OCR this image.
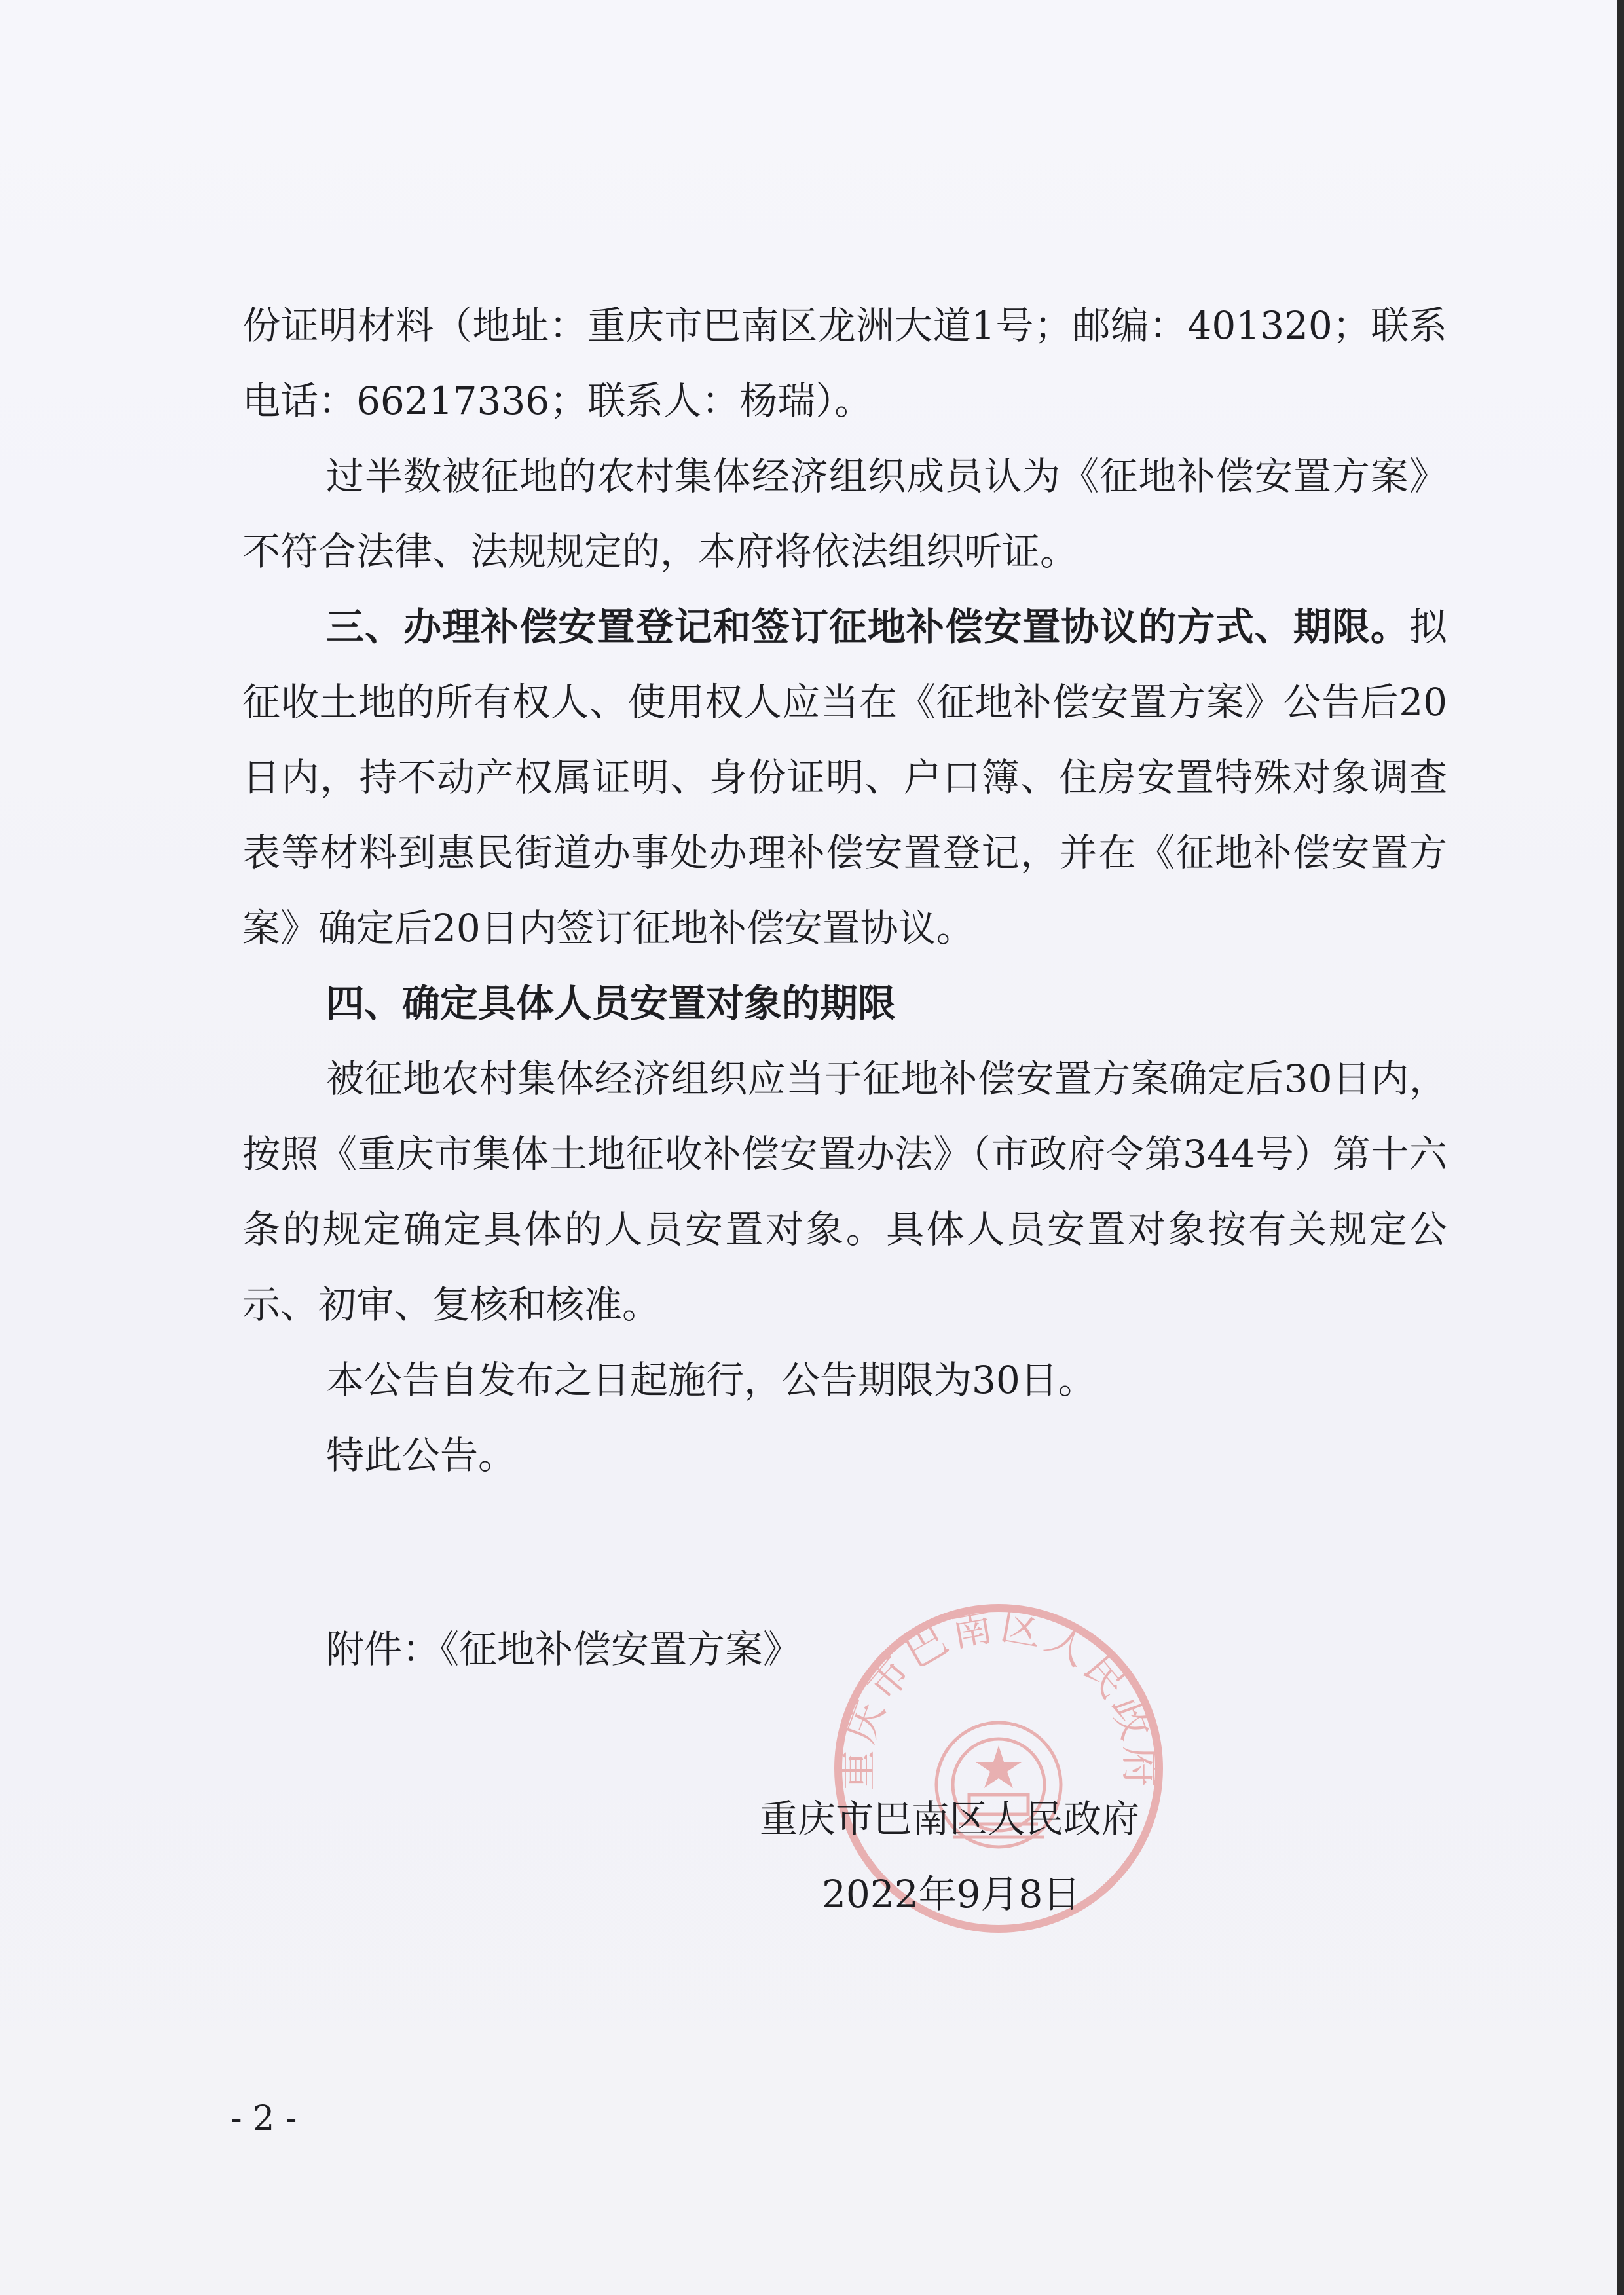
份证明材料（地址：重庆市巴南区龙洲大道1号；邮编：401320；联系电话：66217336；联系人：杨瑞）。

过半数被征地的农村集体经济组织成员认为《征地补偿安置方案》不符合法律、法规规定的，本府将依法组织听证。

三、办理补偿安置登记和签订征地补偿安置协议的方式、期限。拟征收土地的所有权人、使用权人应当在《征地补偿安置方案》公告后20日内，持不动产权属证明、身份证明、户口簿、住房安置特殊对象调查表等材料到惠民街道办事处办理补偿安置登记，并在《征地补偿安置方案》确定后20日内签订征地补偿安置协议。

四、确定具体人员安置对象的期限

被征地农村集体经济组织应当于征地补偿安置方案确定后30日内，按照《重庆市集体土地征收补偿安置办法》（市政府令第344号）第十六条的规定确定具体的人员安置对象。具体人员安置对象按有关规定公示、初审、复核和核准。

本公告自发布之日起施行，公告期限为30日。

特此公告。

附件：《征地补偿安置方案》
重庆市巴南区人民政府
重庆市巴南区人民政府
2022年9月8日
- 2 -
